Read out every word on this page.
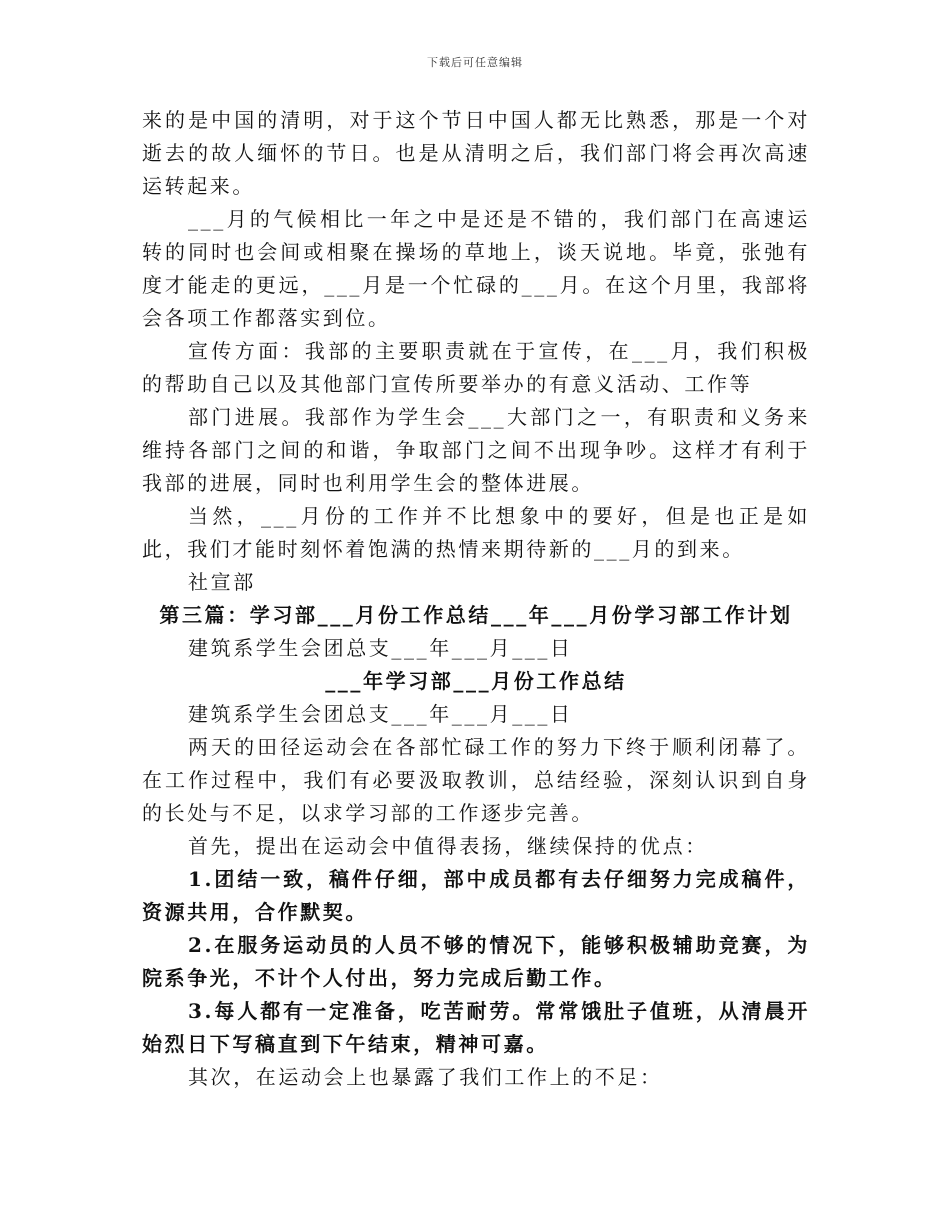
下载后可任意编辑

来的是中国的清明，对于这个节日中国人都无比熟悉，那是一个对逝去的故人缅怀的节日。也是从清明之后，我们部门将会再次高速运转起来。

___月的气候相比一年之中是还是不错的，我们部门在高速运转的同时也会间或相聚在操场的草地上，谈天说地。毕竟，张弛有度才能走的更远，___月是一个忙碌的___月。在这个月里，我部将会各项工作都落实到位。

宣传方面：我部的主要职责就在于宣传，在___月，我们积极的帮助自己以及其他部门宣传所要举办的有意义活动、工作等

部门进展。我部作为学生会___大部门之一，有职责和义务来维持各部门之间的和谐，争取部门之间不出现争吵。这样才有利于我部的进展，同时也利用学生会的整体进展。

当然，___月份的工作并不比想象中的要好，但是也正是如此，我们才能时刻怀着饱满的热情来期待新的___月的到来。

社宣部

第三篇：学习部___月份工作总结___年___月份学习部工作计划

建筑系学生会团总支___年___月___日

___年学习部___月份工作总结

建筑系学生会团总支___年___月___日

两天的田径运动会在各部忙碌工作的努力下终于顺利闭幕了。在工作过程中，我们有必要汲取教训，总结经验，深刻认识到自身的长处与不足，以求学习部的工作逐步完善。

首先，提出在运动会中值得表扬，继续保持的优点：

1.团结一致，稿件仔细，部中成员都有去仔细努力完成稿件，资源共用，合作默契。

2.在服务运动员的人员不够的情况下，能够积极辅助竞赛，为院系争光，不计个人付出，努力完成后勤工作。

3.每人都有一定准备，吃苦耐劳。常常饿肚子值班，从清晨开始烈日下写稿直到下午结束，精神可嘉。

其次，在运动会上也暴露了我们工作上的不足：
